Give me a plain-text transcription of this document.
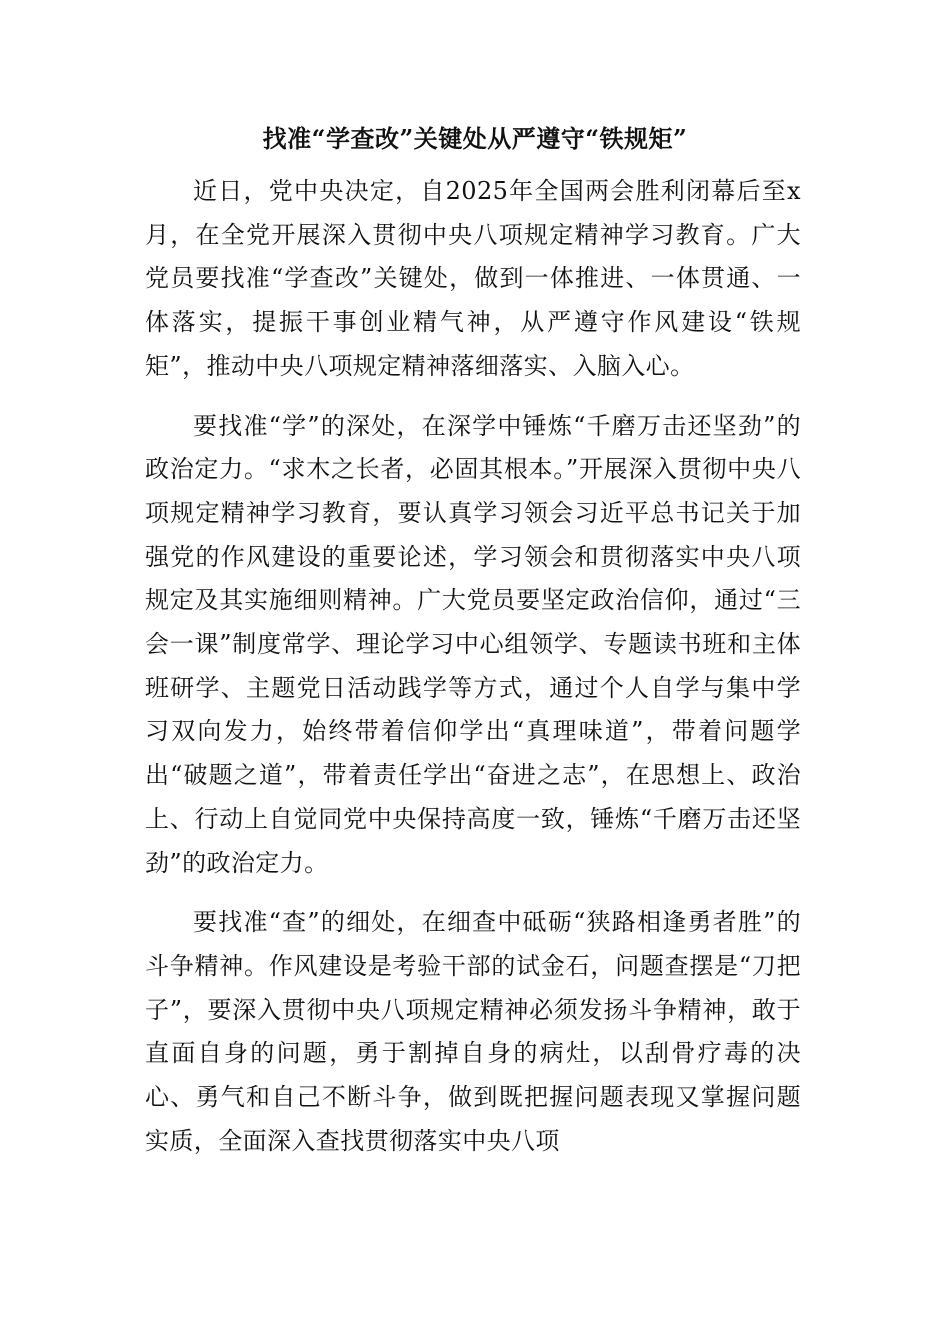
找准“学查改”关键处从严遵守“铁规矩”

近日，党中央决定，自2025年全国两会胜利闭幕后至x月，在全党开展深入贯彻中央八项规定精神学习教育。广大党员要找准“学查改”关键处，做到一体推进、一体贯通、一体落实，提振干事创业精气神，从严遵守作风建设“铁规矩”，推动中央八项规定精神落细落实、入脑入心。

要找准“学”的深处，在深学中锤炼“千磨万击还坚劲”的政治定力。“求木之长者，必固其根本。”开展深入贯彻中央八项规定精神学习教育，要认真学习领会习近平总书记关于加强党的作风建设的重要论述，学习领会和贯彻落实中央八项规定及其实施细则精神。广大党员要坚定政治信仰，通过“三会一课”制度常学、理论学习中心组领学、专题读书班和主体班研学、主题党日活动践学等方式，通过个人自学与集中学习双向发力，始终带着信仰学出“真理味道”，带着问题学出“破题之道”，带着责任学出“奋进之志”，在思想上、政治上、行动上自觉同党中央保持高度一致，锤炼“千磨万击还坚劲”的政治定力。

要找准“查”的细处，在细查中砥砺“狭路相逢勇者胜”的斗争精神。作风建设是考验干部的试金石，问题查摆是“刀把子”，要深入贯彻中央八项规定精神必须发扬斗争精神，敢于直面自身的问题，勇于割掉自身的病灶，以刮骨疗毒的决心、勇气和自己不断斗争，做到既把握问题表现又掌握问题实质，全面深入查找贯彻落实中央八项
